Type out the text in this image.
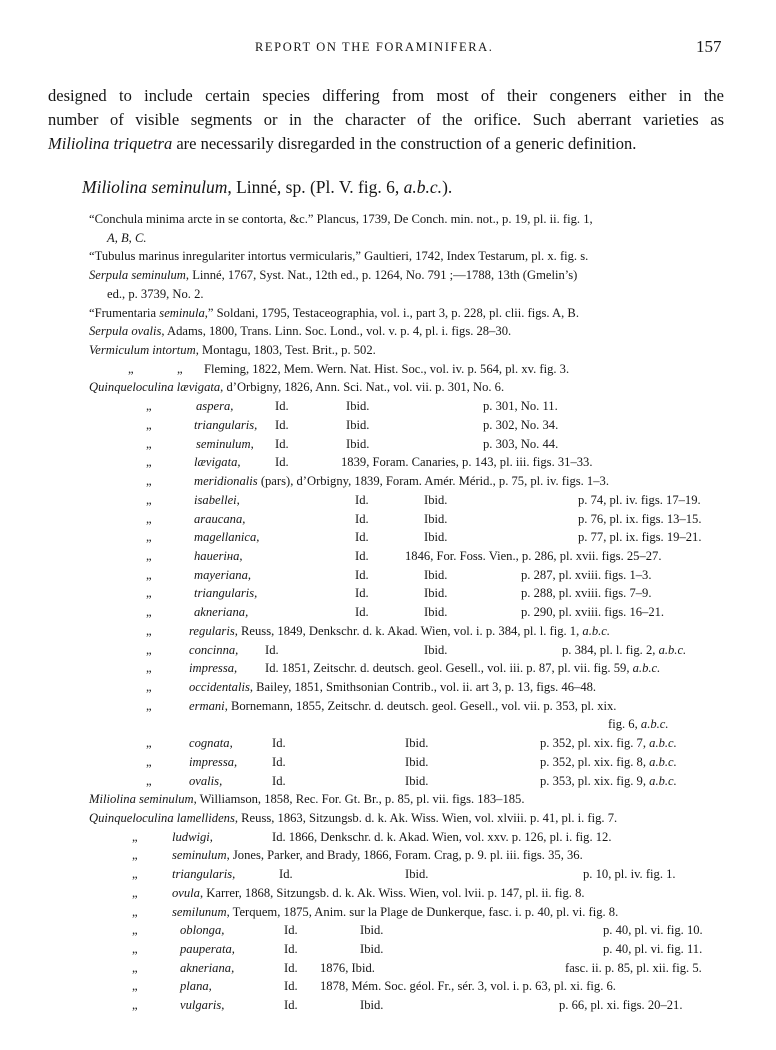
REPORT ON THE FORAMINIFERA.	157
designed to include certain species differing from most of their congeners either in the
number of visible segments or in the character of the orifice. Such aberrant varieties as
Miliolina triquetra are necessarily disregarded in the construction of a generic definition.
Miliolina seminulum, Linné, sp. (Pl. V. fig. 6, a.b.c.).
“Conchula minima arcte in se contorta, &c.” Plancus, 1739, De Conch. min. not., p. 19, pl. ii. fig. 1,
A, B, C.
“Tubulus marinus inregulariter intortus vermicularis,” Gaultieri, 1742, Index Testarum, pl. x. fig. s.
Serpula seminulum, Linné, 1767, Syst. Nat., 12th ed., p. 1264, No. 791 ;—1788, 13th (Gmelin’s)
ed., p. 3739, No. 2.
“Frumentaria seminula,” Soldani, 1795, Testaceographia, vol. i., part 3, p. 228, pl. clii. figs. A, B.
Serpula ovalis, Adams, 1800, Trans. Linn. Soc. Lond., vol. v. p. 4, pl. i. figs. 28–30.
Vermiculum intortum, Montagu, 1803, Test. Brit., p. 502.
„	„ Fleming, 1822, Mem. Wern. Nat. Hist. Soc., vol. iv. p. 564, pl. xv. fig. 3.
Quinqueloculina lævigata, d’Orbigny, 1826, Ann. Sci. Nat., vol. vii. p. 301, No. 6.
„	aspera,	Id.	Ibid.	p. 301, No. 11.
„	triangularis, Id.	Ibid.	p. 302, No. 34.
„	seminulum, Id.	Ibid.	p. 303, No. 44.
„	lævigata,	Id.	1839, Foram. Canaries, p. 143, pl. iii. figs. 31–33.
„	meridionalis (pars), d’Orbigny, 1839, Foram. Amér. Mérid., p. 75, pl. iv. figs. 1–3.
„	isabellei,	Id.	Ibid.	p. 74, pl. iv. figs. 17–19.
„	araucana,	Id.	Ibid.	p. 76, pl. ix. figs. 13–15.
„	magellanica,	Id.	Ibid.	p. 77, pl. ix. figs. 19–21.
„	haueriна,	Id.	1846, For. Foss. Vien., p. 286, pl. xvii. figs. 25–27.
„	mayeriana,	Id.	Ibid.	p. 287, pl. xviii. figs. 1–3.
„	triangularis,	Id.	Ibid.	p. 288, pl. xviii. figs. 7–9.
„	akneriana,	Id.	Ibid.	p. 290, pl. xviii. figs. 16–21.
„	regularis, Reuss, 1849, Denkschr. d. k. Akad. Wien, vol. i. p. 384, pl. l. fig. 1, a.b.c.
„	concinna, Id.	Ibid.	p. 384, pl. l. fig. 2, a.b.c.
„	impressa, Id. 1851, Zeitschr. d. deutsch. geol. Gesell., vol. iii. p. 87, pl. vii. fig. 59, a.b.c.
„	occidentalis, Bailey, 1851, Smithsonian Contrib., vol. ii. art 3, p. 13, figs. 46–48.
„	ermani, Bornemann, 1855, Zeitschr. d. deutsch. geol. Gesell., vol. vii. p. 353, pl. xix.
fig. 6, a.b.c.
„	cognata,	Id.	Ibid.	p. 352, pl. xix. fig. 7, a.b.c.
„	impressa,	Id.	Ibid.	p. 352, pl. xix. fig. 8, a.b.c.
„	ovalis,	Id.	Ibid.	p. 353, pl. xix. fig. 9, a.b.c.
Miliolina seminulum, Williamson, 1858, Rec. For. Gt. Br., p. 85, pl. vii. figs. 183–185.
Quinqueloculina lamellidens, Reuss, 1863, Sitzungsb. d. k. Ak. Wiss. Wien, vol. xlviii. p. 41, pl. i. fig. 7.
„	ludwigi,	Id. 1866, Denkschr. d. k. Akad. Wien, vol. xxv. p. 126, pl. i. fig. 12.
„	seminulum, Jones, Parker, and Brady, 1866, Foram. Crag, p. 9. pl. iii. figs. 35, 36.
„	triangularis,	Id.	Ibid.	p. 10, pl. iv. fig. 1.
„	ovula, Karrer, 1868, Sitzungsb. d. k. Ak. Wiss. Wien, vol. lvii. p. 147, pl. ii. fig. 8.
„	semilunum, Terquem, 1875, Anim. sur la Plage de Dunkerque, fasc. i. p. 40, pl. vi. fig. 8.
„	oblonga,	Id.	Ibid.	p. 40, pl. vi. fig. 10.
„	pauperata,	Id.	Ibid.	p. 40, pl. vi. fig. 11.
„	akneriana,	Id. 1876, Ibid.	fasc. ii. p. 85, pl. xii. fig. 5.
„	plana,	Id. 1878, Mém. Soc. géol. Fr., sér. 3, vol. i. p. 63, pl. xi. fig. 6.
„	vulgaris,	Id.	Ibid.	p. 66, pl. xi. figs. 20–21.
